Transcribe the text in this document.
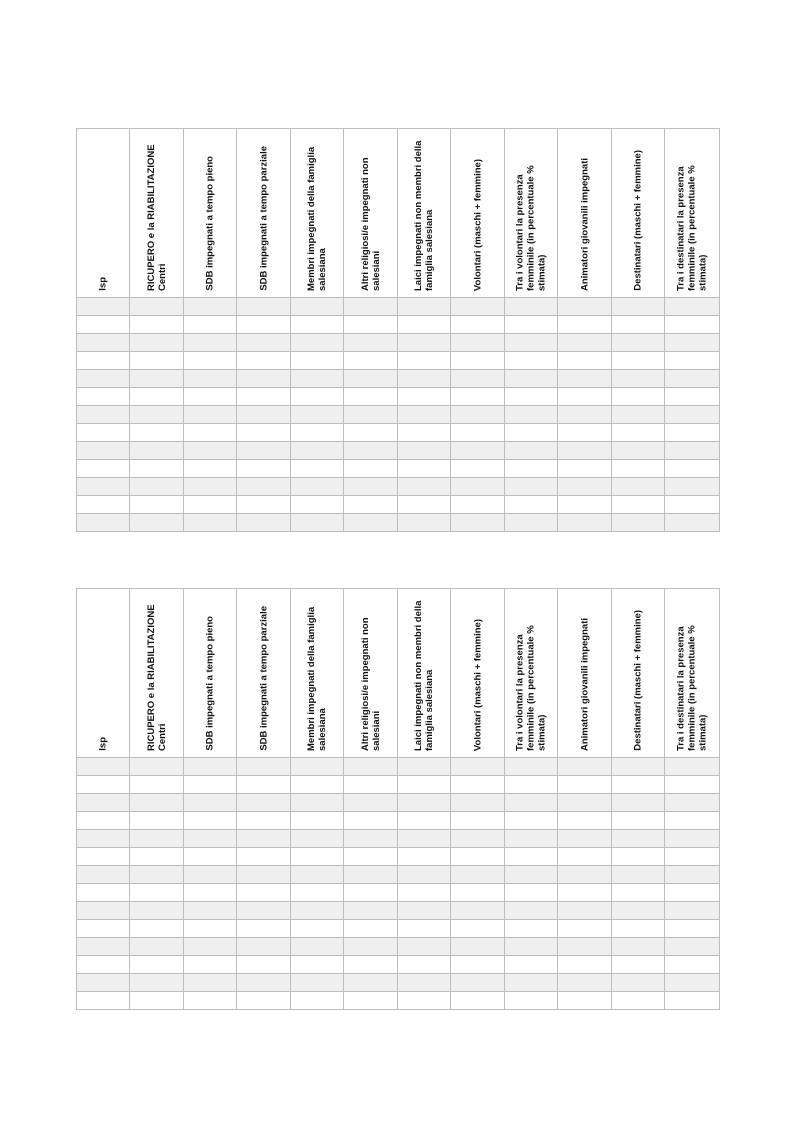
Isp	RICUPERO e la RIABILITAZIONE Centri	SDB impegnati a tempo pieno	SDB impegnati a tempo parziale	Membri impegnati della famiglia salesiana	Altri religiosi/e impegnati non salesiani	Laici impegnati non membri della famiglia salesiana	Volontari (maschi + femmine)	Tra i volontari la presenza femminile (in percentuale % stimata)	Animatori giovanili impegnati	Destinatari (maschi + femmine)	Tra i destinatari la presenza femminile (in percentuale % stimata)

Isp	RICUPERO e la RIABILITAZIONE Centri	SDB impegnati a tempo pieno	SDB impegnati a tempo parziale	Membri impegnati della famiglia salesiana	Altri religiosi/e impegnati non salesiani	Laici impegnati non membri della famiglia salesiana	Volontari (maschi + femmine)	Tra i volontari la presenza femminile (in percentuale % stimata)	Animatori giovanili impegnati	Destinatari (maschi + femmine)	Tra i destinatari la presenza femminile (in percentuale % stimata)
